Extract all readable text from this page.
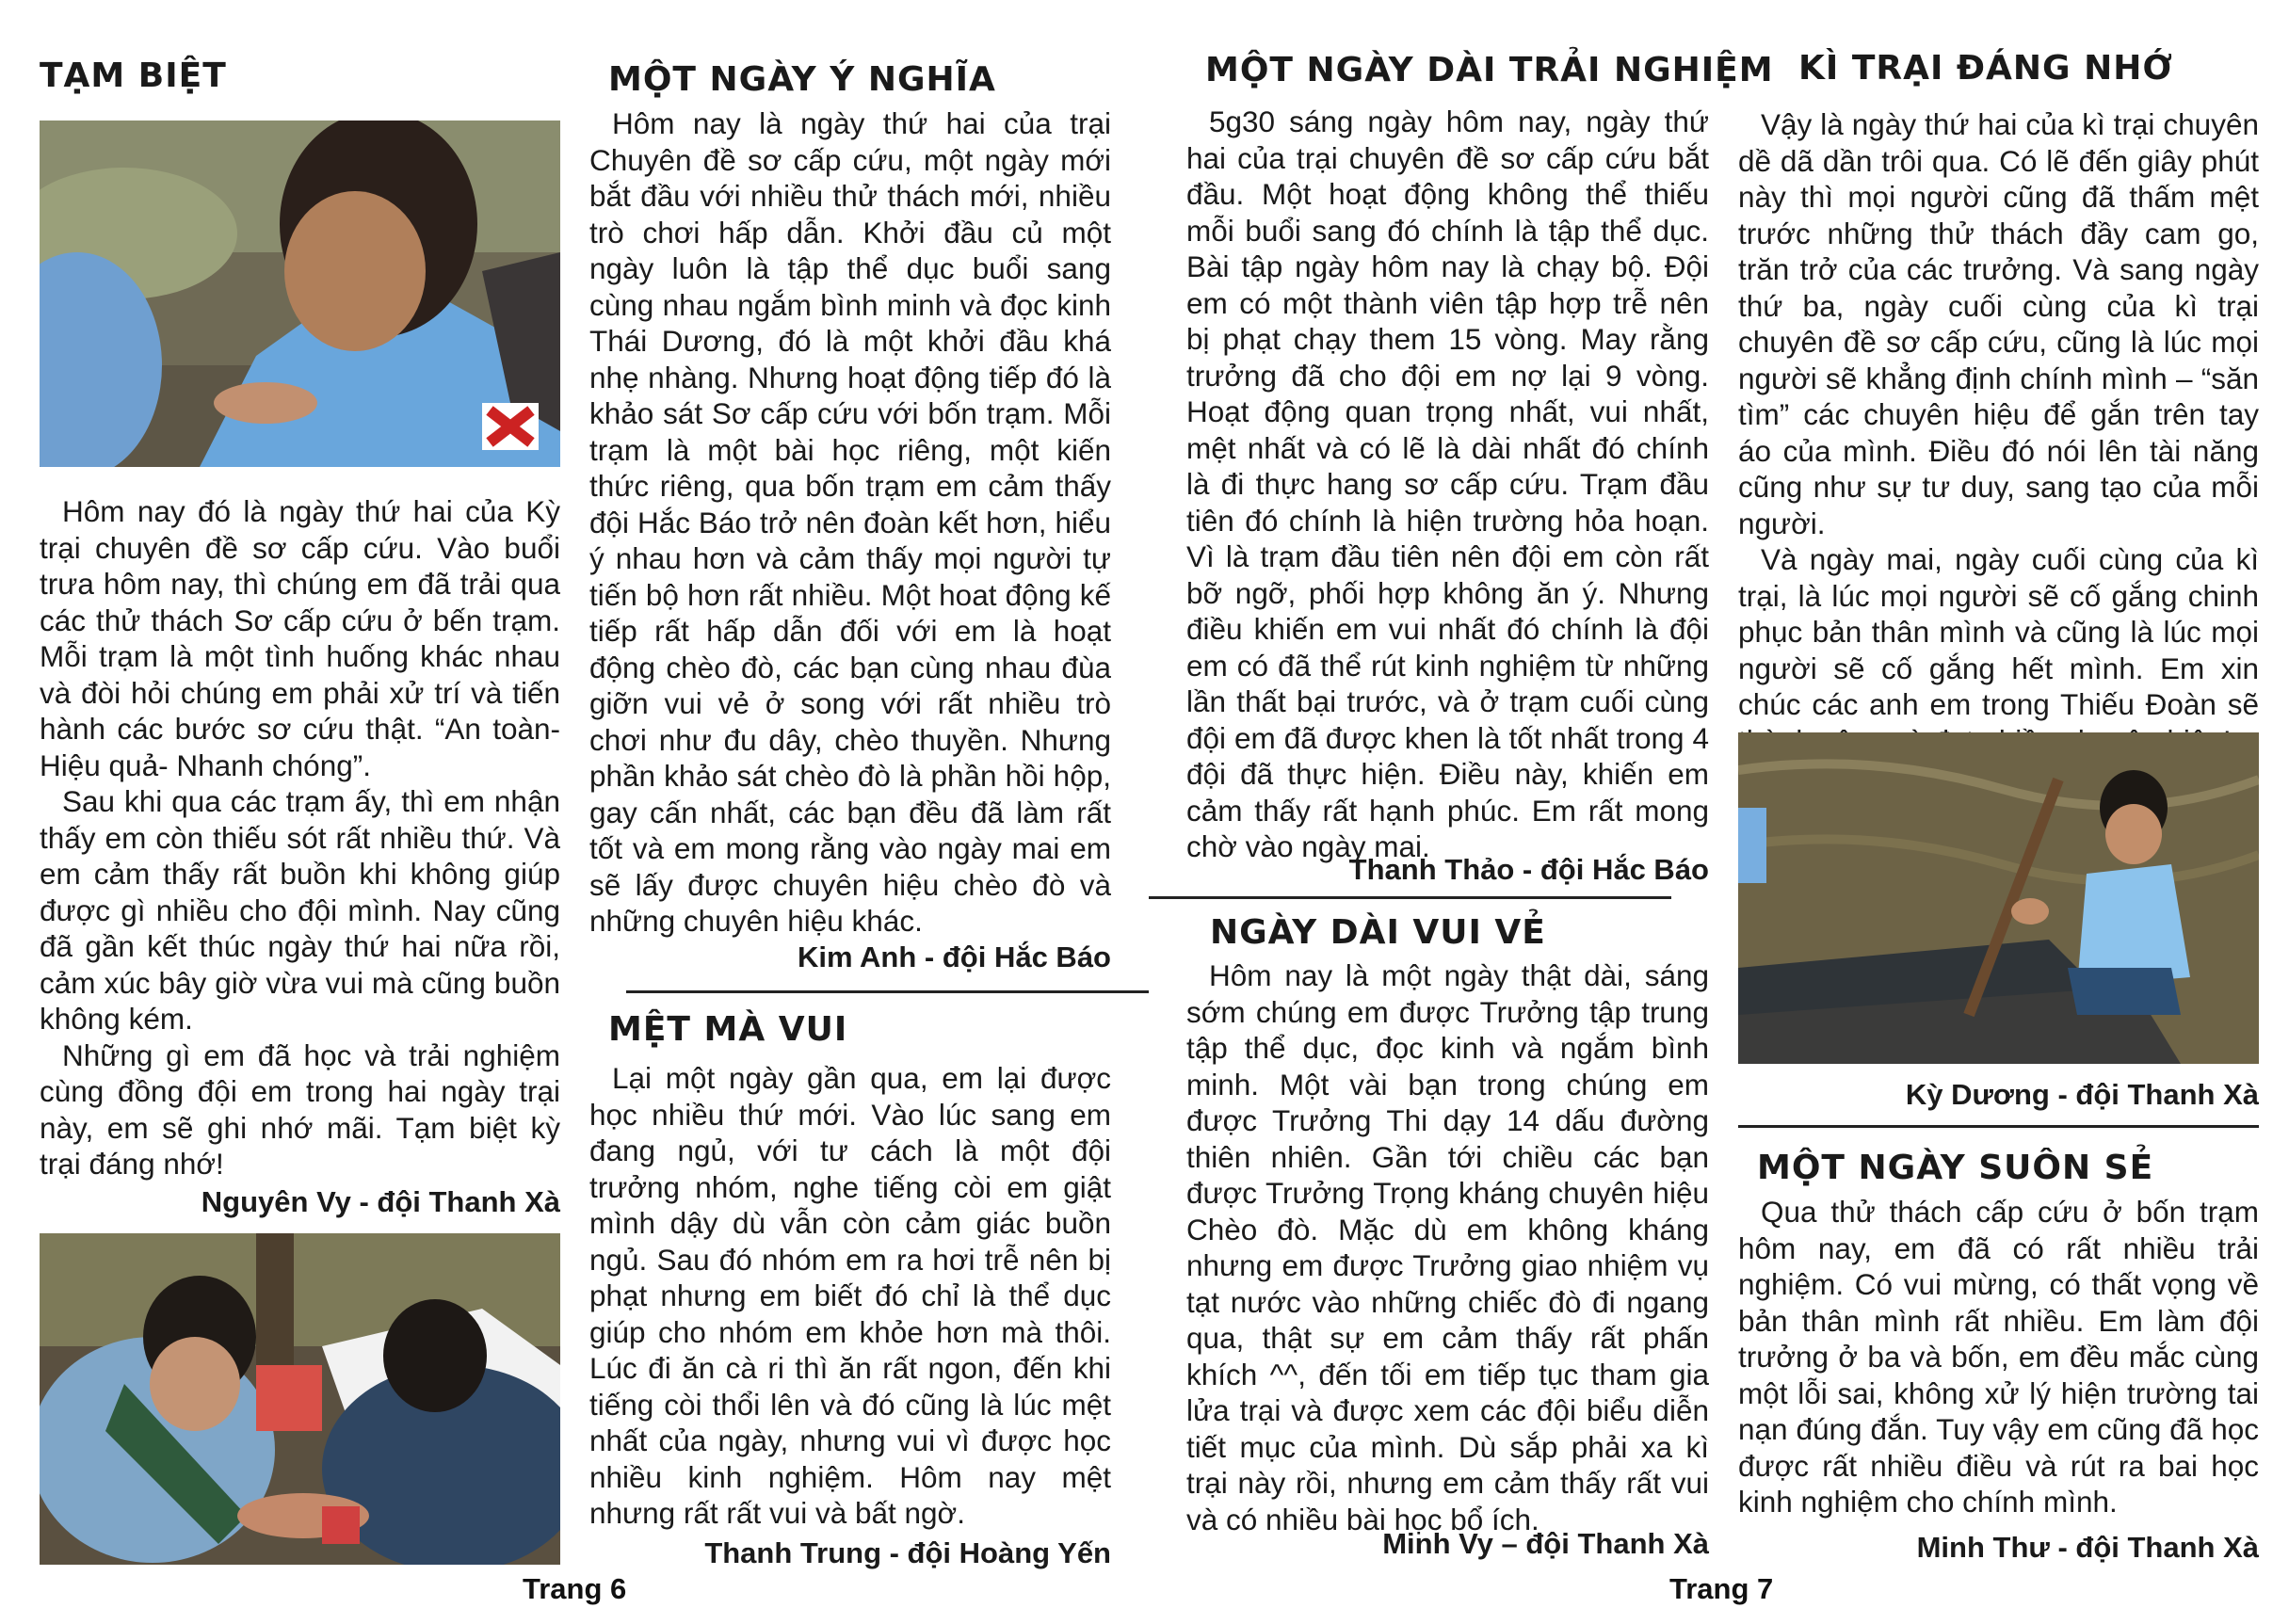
TẠM BIỆT

Hôm nay đó là ngày thứ hai của Kỳ trại chuyên đề sơ cấp cứu. Vào buổi trưa hôm nay, thì chúng em đã trải qua các thử thách Sơ cấp cứu ở bến trạm. Mỗi trạm là một tình huống khác nhau và đòi hỏi chúng em phải xử trí và tiến hành các bước sơ cứu thật. “An toàn-Hiệu quả- Nhanh chóng”.

Sau khi qua các trạm ấy, thì em nhận thấy em còn thiếu sót rất nhiều thứ. Và em cảm thấy rất buồn khi không giúp được gì nhiều cho đội mình. Nay cũng đã gần kết thúc ngày thứ hai nữa rồi, cảm xúc bây giờ vừa vui mà cũng buồn không kém.

Những gì em đã học và trải nghiệm cùng đồng đội em trong hai ngày trại này, em sẽ ghi nhớ mãi. Tạm biệt kỳ trại đáng nhớ!

Nguyên Vy - đội Thanh Xà
MỘT NGÀY Ý NGHĨA

Hôm nay là ngày thứ hai của trại Chuyên đề sơ cấp cứu, một ngày mới bắt đầu với nhiều thử thách mới, nhiều trò chơi hấp dẫn. Khởi đầu củ một ngày luôn là tập thể dục buổi sang cùng nhau ngắm bình minh và đọc kinh Thái Dương, đó là một khởi đầu khá nhẹ nhàng. Nhưng hoạt động tiếp đó là khảo sát Sơ cấp cứu với bốn trạm. Mỗi trạm là một bài học riêng, một kiến thức riêng, qua bốn trạm em cảm thấy đội Hắc Báo trở nên đoàn kết hơn, hiểu ý nhau hơn và cảm thấy mọi người tự tiến bộ hơn rất nhiều. Một hoat động kế tiếp rất hấp dẫn đối với em là hoạt động chèo đò, các bạn cùng nhau đùa giỡn vui vẻ ở song với rất nhiều trò chơi như đu dây, chèo thuyền. Nhưng phần khảo sát chèo đò là phần hồi hộp, gay cấn nhất, các bạn đều đã làm rất tốt và em mong rằng vào ngày mai em sẽ lấy được chuyên hiệu chèo đò và những chuyên hiệu khác.

Kim Anh - đội Hắc Báo
MỆT MÀ VUI

Lại một ngày gần qua, em lại được học nhiều thứ mới. Vào lúc sang em đang ngủ, với tư cách là một đội trưởng nhóm, nghe tiếng còi em giật mình dậy dù vẫn còn cảm giác buồn ngủ. Sau đó nhóm em ra hơi trễ nên bị phạt nhưng em biết đó chỉ là thể dục giúp cho nhóm em khỏe hơn mà thôi. Lúc đi ăn cà ri thì ăn rất ngon, đến khi tiếng còi thổi lên và đó cũng là lúc mệt nhất của ngày, nhưng vui vì được học nhiều kinh nghiệm. Hôm nay mệt nhưng rất rất vui và bất ngờ.

Thanh Trung - đội Hoàng Yến
Trang 6
MỘT NGÀY DÀI TRẢI NGHIỆM

5g30 sáng ngày hôm nay, ngày thứ hai của trại chuyên đề sơ cấp cứu bắt đầu. Một hoạt động không thể thiếu mỗi buổi sang đó chính là tập thể dục. Bài tập ngày hôm nay là chạy bộ. Đội em có một thành viên tập hợp trễ nên bị phạt chạy them 15 vòng. May rằng trưởng đã cho đội em nợ lại 9 vòng. Hoạt động quan trọng nhất, vui nhất, mệt nhất và có lẽ là dài nhất đó chính là đi thực hang sơ cấp cứu. Trạm đầu tiên đó chính là hiện trường hỏa hoạn. Vì là trạm đầu tiên nên đội em còn rất bỡ ngỡ, phối hợp không ăn ý. Nhưng điều khiến em vui nhất đó chính là đội em có đã thể rút kinh nghiệm từ những lần thất bại trước, và ở trạm cuối cùng đội em đã được khen là tốt nhất trong 4 đội đã thực hiện. Điều này, khiến em cảm thấy rất hạnh phúc. Em rất mong chờ vào ngày mai.

Thanh Thảo - đội Hắc Báo
NGÀY DÀI VUI VẺ

Hôm nay là một ngày thật dài, sáng sớm chúng em được Trưởng tập trung tập thể dục, đọc kinh và ngắm bình minh. Một vài bạn trong chúng em được Trưởng Thi dạy 14 dấu đường thiên nhiên. Gần tới chiều các bạn được Trưởng Trọng kháng chuyên hiệu Chèo đò. Mặc dù em không kháng nhưng em được Trưởng giao nhiệm vụ tạt nước vào những chiếc đò đi ngang qua, thật sự em cảm thấy rất phấn khích ^^, đến tối em tiếp tục tham gia lửa trại và được xem các đội biểu diễn tiết mục của mình. Dù sắp phải xa kì trại này rồi, nhưng em cảm thấy rất vui và có nhiều bài học bổ ích.

Minh Vy – đội Thanh Xà
Trang 7
KÌ TRẠI ĐÁNG NHỚ

Vậy là ngày thứ hai của kì trại chuyên dề dã dần trôi qua. Có lẽ đến giây phút này thì mọi người cũng đã thấm mệt trước những thử thách đầy cam go, trăn trở của các trưởng. Và sang ngày thứ ba, ngày cuối cùng của kì trại chuyên đề sơ cấp cứu, cũng là lúc mọi người sẽ khẳng định chính mình – “săn tìm” các chuyên hiệu để gắn trên tay áo của mình. Điều đó nói lên tài năng cũng như sự tư duy, sang tạo của mỗi người.

Và ngày mai, ngày cuối cùng của kì trại, là lúc mọi người sẽ cố gắng chinh phục bản thân mình và cũng là lúc mọi người sẽ cố gắng hết mình. Em xin chúc các anh em trong Thiếu Đoàn sẽ

Kỳ Dương - đội Thanh Xà
MỘT NGÀY SUÔN SẺ

Qua thử thách cấp cứu ở bốn trạm hôm nay, em đã có rất nhiều trải nghiệm. Có vui mừng, có thất vọng về bản thân mình rất nhiều. Em làm đội trưởng ở ba và bốn, em đều mắc cùng một lỗi sai, không xử lý hiện trường tai nạn đúng đắn. Tuy vậy em cũng đã học được rất nhiều điều và rút ra bai học kinh nghiệm cho chính mình.

Minh Thư - đội Thanh Xà
